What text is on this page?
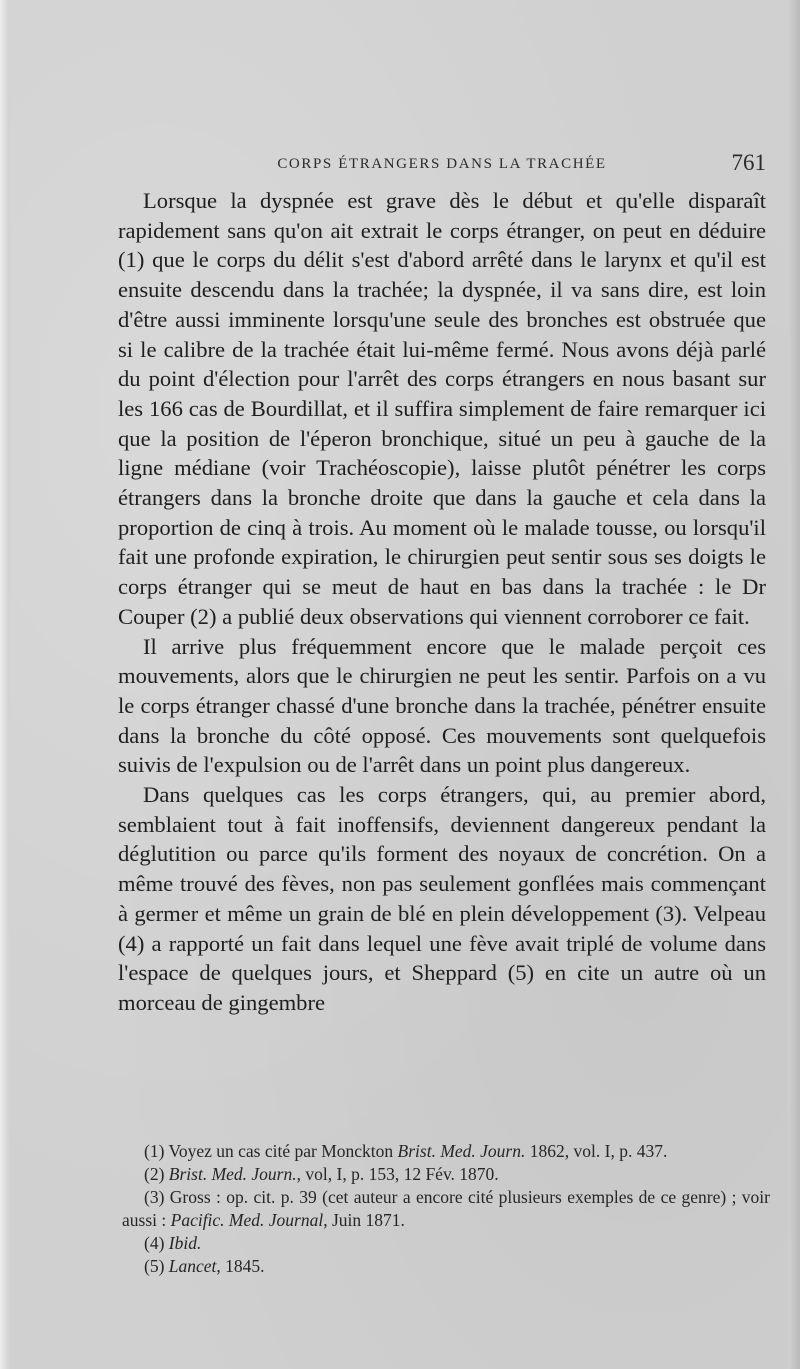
CORPS ÉTRANGERS DANS LA TRACHÉE	761

Lorsque la dyspnée est grave dès le début et qu'elle disparaît rapidement sans qu'on ait extrait le corps étranger, on peut en déduire (1) que le corps du délit s'est d'abord arrêté dans le larynx et qu'il est ensuite descendu dans la trachée; la dyspnée, il va sans dire, est loin d'être aussi imminente lorsqu'une seule des bronches est obstruée que si le calibre de la trachée était lui-même fermé. Nous avons déjà parlé du point d'élection pour l'arrêt des corps étrangers en nous basant sur les 166 cas de Bourdillat, et il suffira simplement de faire remarquer ici que la position de l'éperon bronchique, situé un peu à gauche de la ligne médiane (voir Trachéoscopie), laisse plutôt pénétrer les corps étrangers dans la bronche droite que dans la gauche et cela dans la proportion de cinq à trois. Au moment où le malade tousse, ou lorsqu'il fait une profonde expiration, le chirurgien peut sentir sous ses doigts le corps étranger qui se meut de haut en bas dans la trachée : le Dr Couper (2) a publié deux observations qui viennent corroborer ce fait.

Il arrive plus fréquemment encore que le malade perçoit ces mouvements, alors que le chirurgien ne peut les sentir. Parfois on a vu le corps étranger chassé d'une bronche dans la trachée, pénétrer ensuite dans la bronche du côté opposé. Ces mouvements sont quelquefois suivis de l'expulsion ou de l'arrêt dans un point plus dangereux.

Dans quelques cas les corps étrangers, qui, au premier abord, semblaient tout à fait inoffensifs, deviennent dangereux pendant la déglutition ou parce qu'ils forment des noyaux de concrétion. On a même trouvé des fèves, non pas seulement gonflées mais commençant à germer et même un grain de blé en plein développement (3). Velpeau (4) a rapporté un fait dans lequel une fève avait triplé de volume dans l'espace de quelques jours, et Sheppard (5) en cite un autre où un morceau de gingembre

(1) Voyez un cas cité par Monckton Brist. Med. Journ. 1862, vol. I, p. 437.

(2) Brist. Med. Journ., vol, I, p. 153, 12 Fév. 1870.

(3) Gross : op. cit. p. 39 (cet auteur a encore cité plusieurs exemples de ce genre) ; voir aussi : Pacific. Med. Journal, Juin 1871.

(4) Ibid.

(5) Lancet, 1845.
